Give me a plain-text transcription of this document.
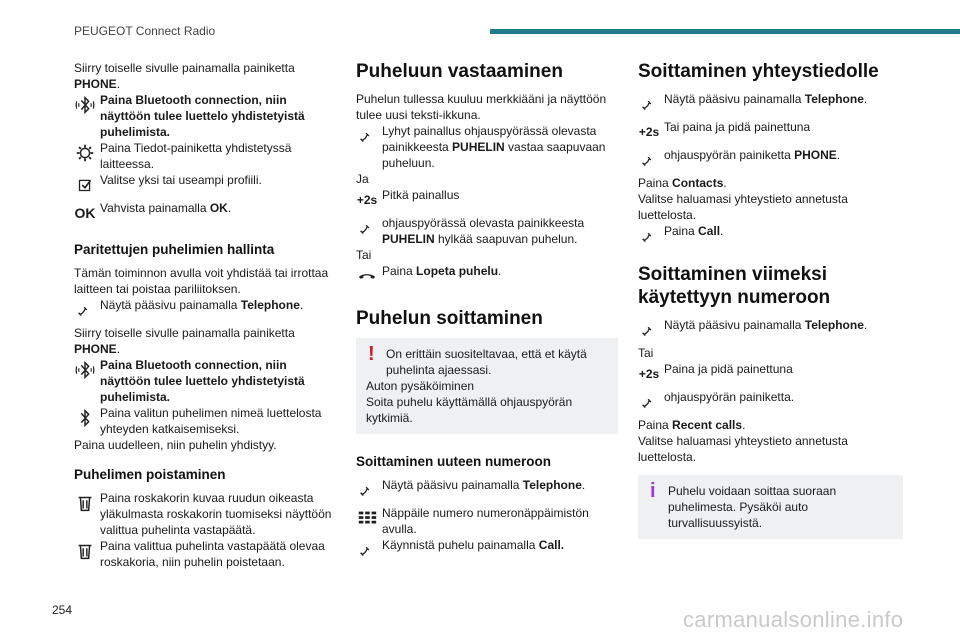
PEUGEOT Connect Radio

Siirry toiselle sivulle painamalla painiketta
PHONE.

Paina Bluetooth connection, niin näyttöön tulee luettelo yhdistetyistä puhelimista.
Paina Tiedot-painiketta yhdistetyssä laitteessa.
Valitse yksi tai useampi profiili.
OK Vahvista painamalla OK.
Paritettujen puhelimien hallinta

Tämän toiminnon avulla voit yhdistää tai irrottaa laitteen tai poistaa pariliitoksen.

Näytä pääsivu painamalla Telephone.

Siirry toiselle sivulle painamalla painiketta
PHONE.

Paina Bluetooth connection, niin näyttöön tulee luettelo yhdistetyistä puhelimista.
Paina valitun puhelimen nimeä luettelosta yhteyden katkaisemiseksi.

Paina uudelleen, niin puhelin yhdistyy.

Puhelimen poistaminen
Paina roskakorin kuvaa ruudun oikeasta yläkulmasta roskakorin tuomiseksi näyttöön valittua puhelinta vastapäätä.
Paina valittua puhelinta vastapäätä olevaa roskakoria, niin puhelin poistetaan.
Puheluun vastaaminen

Puhelun tullessa kuuluu merkkiääni ja näyttöön tulee uusi teksti-ikkuna.

Lyhyt painallus ohjauspyörässä olevasta painikkeesta PUHELIN vastaa saapuvaan puheluun.

Ja

+2s Pitkä painallus
ohjauspyörässä olevasta painikkeesta PUHELIN hylkää saapuvan puhelun.

Tai

Paina Lopeta puhelu.
Puhelun soittaminen
! On erittäin suositeltavaa, että et käytä puhelinta ajaessasi.
Auton pysäköiminen
Soita puhelu käyttämällä ohjauspyörän kytkimiä.
Soittaminen uuteen numeroon
Näytä pääsivu painamalla Telephone.
Näppäile numero numeronäppäimistön avulla.
Käynnistä puhelu painamalla Call.
Soittaminen yhteystiedolle
Näytä pääsivu painamalla Telephone.
+2s Tai paina ja pidä painettuna
ohjauspyörän painiketta PHONE.

Paina Contacts.

Valitse haluamasi yhteystieto annetusta luettelosta.

Paina Call.
Soittaminen viimeksi käytettyyn numeroon
Näytä pääsivu painamalla Telephone.

Tai

+2s Paina ja pidä painettuna
ohjauspyörän painiketta.

Paina Recent calls.

Valitse haluamasi yhteystieto annetusta luettelosta.

i Puhelu voidaan soittaa suoraan puhelimesta. Pysäköi auto turvallisuussyistä.
254	carmanualsonline.info
